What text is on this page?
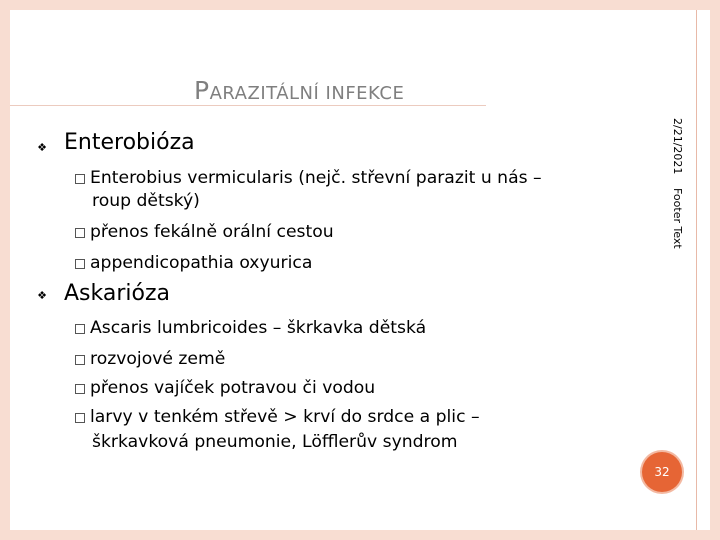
PARAZITÁLNÍ INFEKCE
❖ Enterobióza
Enterobius vermicularis (nejč. střevní parazit u nás –
roup dětský)
přenos fekálně orální cestou
appendicopathia oxyurica
❖ Askarióza
Ascaris lumbricoides – škrkavka dětská
rozvojové země
přenos vajíček potravou či vodou
larvy v tenkém střevě > krví do srdce a plic –
škrkavková pneumonie, Löfflerův syndrom
2/21/2021
Footer Text
32
